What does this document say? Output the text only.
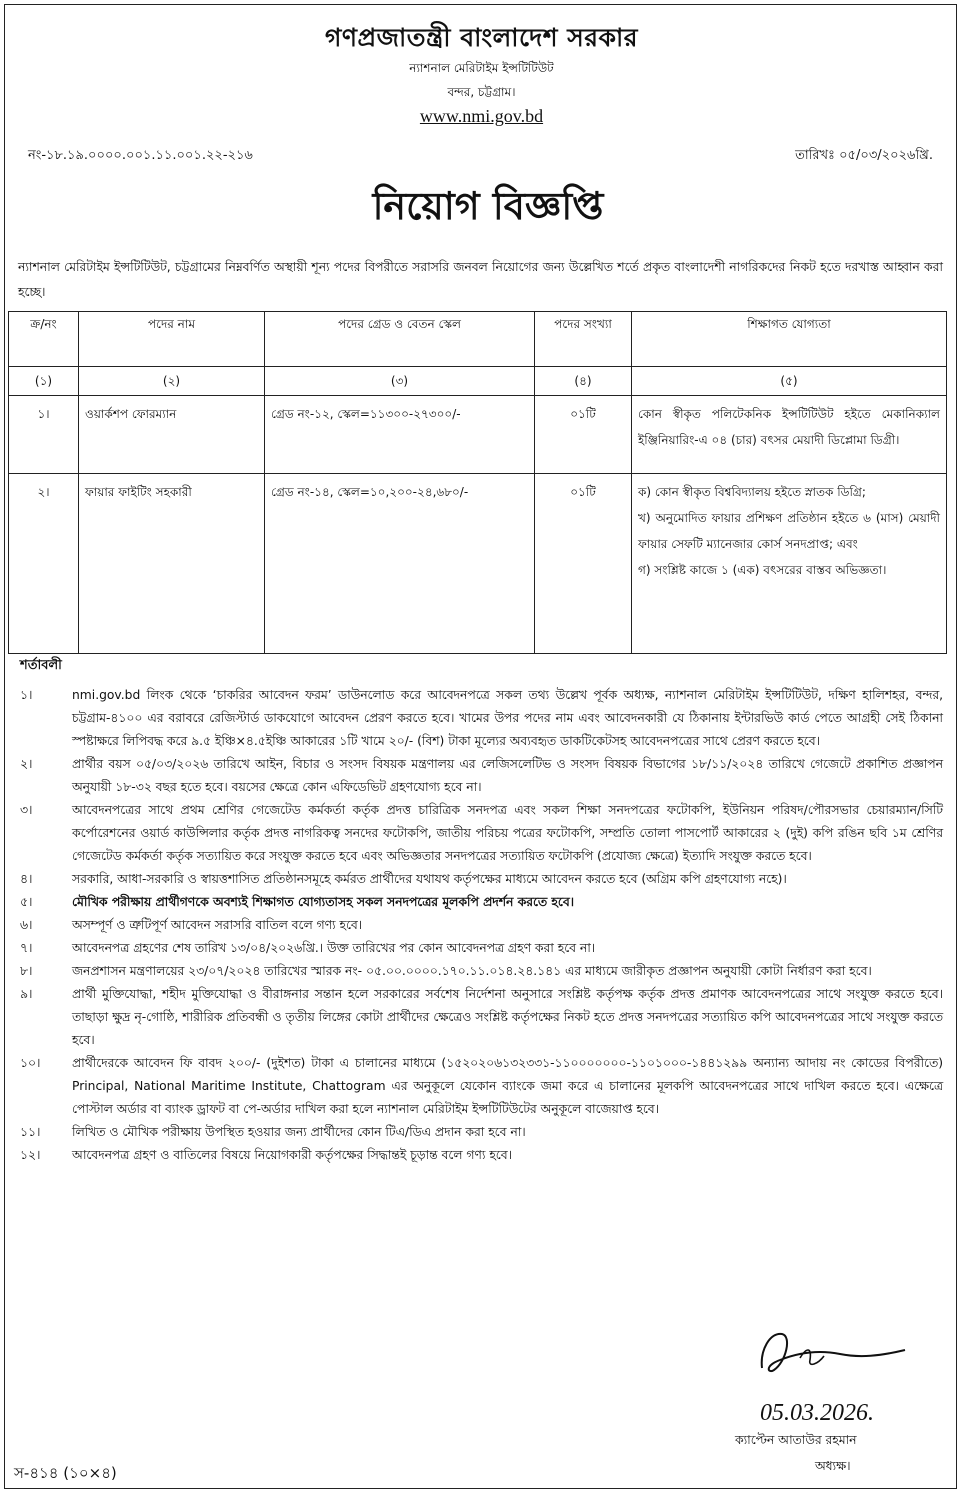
গণপ্রজাতন্ত্রী বাংলাদেশ সরকার
ন্যাশনাল মেরিটাইম ইন্সটিটিউট
বন্দর, চট্টগ্রাম।
www.nmi.gov.bd
নং-১৮.১৯.০০০০.০০১.১১.০০১.২২-২১৬	তারিখঃ ০৫/০৩/২০২৬খ্রি.
নিয়োগ বিজ্ঞপ্তি
ন্যাশনাল মেরিটাইম ইন্সটিটিউট, চট্টগ্রামের নিম্নবর্ণিত অস্থায়ী শূন্য পদের বিপরীতে সরাসরি জনবল নিয়োগের জন্য উল্লেখিত শর্তে প্রকৃত বাংলাদেশী নাগরিকদের নিকট হতে দরখাস্ত আহ্বান করা হচ্ছে।
ক্র/নং	পদের নাম	পদের গ্রেড ও বেতন স্কেল	পদের সংখ্যা	শিক্ষাগত যোগ্যতা
(১)	(২)	(৩)	(৪)	(৫)
১।	ওয়ার্কশপ ফোরম্যান	গ্রেড নং-১২, স্কেল=১১৩০০-২৭৩০০/-	০১টি	কোন স্বীকৃত পলিটেকনিক ইন্সটিটিউট হইতে মেকানিক্যাল ইঞ্জিনিয়ারিং-এ ০৪ (চার) বৎসর মেয়াদী ডিপ্লোমা ডিগ্রী।

২।	ফায়ার ফাইটিং সহকারী	গ্রেড নং-১৪, স্কেল=১০,২০০-২৪,৬৮০/-	০১টি	ক) কোন স্বীকৃত বিশ্ববিদ্যালয় হইতে স্নাতক ডিগ্রি;
খ) অনুমোদিত ফায়ার প্রশিক্ষণ প্রতিষ্ঠান হইতে ৬ (মাস) মেয়াদী ফায়ার সেফটি ম্যানেজার কোর্স সনদপ্রাপ্ত; এবং
গ) সংশ্লিষ্ট কাজে ১ (এক) বৎসরের বাস্তব অভিজ্ঞতা।
শর্তাবলী
১।	nmi.gov.bd লিংক থেকে ‘চাকরির আবেদন ফরম’ ডাউনলোড করে আবেদনপত্রে সকল তথ্য উল্লেখ পূর্বক অধ্যক্ষ, ন্যাশনাল মেরিটাইম ইন্সটিটিউট, দক্ষিণ হালিশহর, বন্দর, চট্টগ্রাম-৪১০০ এর বরাবরে রেজিস্টার্ড ডাকযোগে আবেদন প্রেরণ করতে হবে। খামের উপর পদের নাম এবং আবেদনকারী যে ঠিকানায় ইন্টারভিউ কার্ড পেতে আগ্রহী সেই ঠিকানা স্পষ্টাক্ষরে লিপিবদ্ধ করে ৯.৫ ইঞ্চি×৪.৫ইঞ্চি আকারের ১টি খামে ২০/- (বিশ) টাকা মূল্যের অব্যবহৃত ডাকটিকেটসহ আবেদনপত্রের সাথে প্রেরণ করতে হবে।
২।	প্রার্থীর বয়স ০৫/০৩/২০২৬ তারিখে আইন, বিচার ও সংসদ বিষয়ক মন্ত্রণালয় এর লেজিসলেটিভ ও সংসদ বিষয়ক বিভাগের ১৮/১১/২০২৪ তারিখে গেজেটে প্রকাশিত প্রজ্ঞাপন অনুযায়ী ১৮-৩২ বছর হতে হবে। বয়সের ক্ষেত্রে কোন এফিডেভিট গ্রহণযোগ্য হবে না।
৩।	আবেদনপত্রের সাথে প্রথম শ্রেণির গেজেটেড কর্মকর্তা কর্তৃক প্রদত্ত চারিত্রিক সনদপত্র এবং সকল শিক্ষা সনদপত্রের ফটোকপি, ইউনিয়ন পরিষদ/পৌরসভার চেয়ারম্যান/সিটি কর্পোরেশনের ওয়ার্ড কাউন্সিলার কর্তৃক প্রদত্ত নাগরিকত্ব সনদের ফটোকপি, জাতীয় পরিচয় পত্রের ফটোকপি, সম্প্রতি তোলা পাসপোর্ট আকারের ২ (দুই) কপি রঙিন ছবি ১ম শ্রেণির গেজেটেড কর্মকর্তা কর্তৃক সত্যায়িত করে সংযুক্ত করতে হবে এবং অভিজ্ঞতার সনদপত্রের সত্যায়িত ফটোকপি (প্রযোজ্য ক্ষেত্রে) ইত্যাদি সংযুক্ত করতে হবে।
৪।	সরকারি, আধা-সরকারি ও স্বায়ত্তশাসিত প্রতিষ্ঠানসমূহে কর্মরত প্রার্থীদের যথাযথ কর্তৃপক্ষের মাধ্যমে আবেদন করতে হবে (অগ্রিম কপি গ্রহণযোগ্য নহে)।
৫।	মৌখিক পরীক্ষায় প্রার্থীগণকে অবশ্যই শিক্ষাগত যোগ্যতাসহ সকল সনদপত্রের মূলকপি প্রদর্শন করতে হবে।
৬।	অসম্পূর্ণ ও ত্রুটিপূর্ণ আবেদন সরাসরি বাতিল বলে গণ্য হবে।
৭।	আবেদনপত্র গ্রহণের শেষ তারিখ ১৩/০৪/২০২৬খ্রি.। উক্ত তারিখের পর কোন আবেদনপত্র গ্রহণ করা হবে না।
৮।	জনপ্রশাসন মন্ত্রণালয়ের ২৩/০৭/২০২৪ তারিখের স্মারক নং- ০৫.০০.০০০০.১৭০.১১.০১৪.২৪.১৪১ এর মাধ্যমে জারীকৃত প্রজ্ঞাপন অনুযায়ী কোটা নির্ধারণ করা হবে।
৯।	প্রার্থী মুক্তিযোদ্ধা, শহীদ মুক্তিযোদ্ধা ও বীরাঙ্গনার সন্তান হলে সরকারের সর্বশেষ নির্দেশনা অনুসারে সংশ্লিষ্ট কর্তৃপক্ষ কর্তৃক প্রদত্ত প্রমাণক আবেদনপত্রের সাথে সংযুক্ত করতে হবে। তাছাড়া ক্ষুদ্র নৃ-গোষ্ঠি, শারীরিক প্রতিবন্ধী ও তৃতীয় লিঙ্গের কোটা প্রার্থীদের ক্ষেত্রেও সংশ্লিষ্ট কর্তৃপক্ষের নিকট হতে প্রদত্ত সনদপত্রের সত্যায়িত কপি আবেদনপত্রের সাথে সংযুক্ত করতে হবে।
১০।	প্রার্থীদেরকে আবেদন ফি বাবদ ২০০/- (দুইশত) টাকা এ চালানের মাধ্যমে (১৫২০২০৬১৩২৩৩১-১১০০০০০০০-১১০১০০০-১৪৪১২৯৯ অন্যান্য আদায় নং কোডের বিপরীতে) Principal, National Maritime Institute, Chattogram এর অনুকূলে যেকোন ব্যাংকে জমা করে এ চালানের মূলকপি আবেদনপত্রের সাথে দাখিল করতে হবে। এক্ষেত্রে পোস্টাল অর্ডার বা ব্যাংক ড্রাফট বা পে-অর্ডার দাখিল করা হলে ন্যাশনাল মেরিটাইম ইন্সটিটিউটের অনুকূলে বাজেয়াপ্ত হবে।
১১।	লিখিত ও মৌখিক পরীক্ষায় উপস্থিত হওয়ার জন্য প্রার্থীদের কোন টিএ/ডিএ প্রদান করা হবে না।
১২।	আবেদনপত্র গ্রহণ ও বাতিলের বিষয়ে নিয়োগকারী কর্তৃপক্ষের সিদ্ধান্তই চূড়ান্ত বলে গণ্য হবে।
05.03.2026.
ক্যাপ্টেন আতাউর রহমান
অধ্যক্ষ।
স-৪১৪ (১০×৪)
